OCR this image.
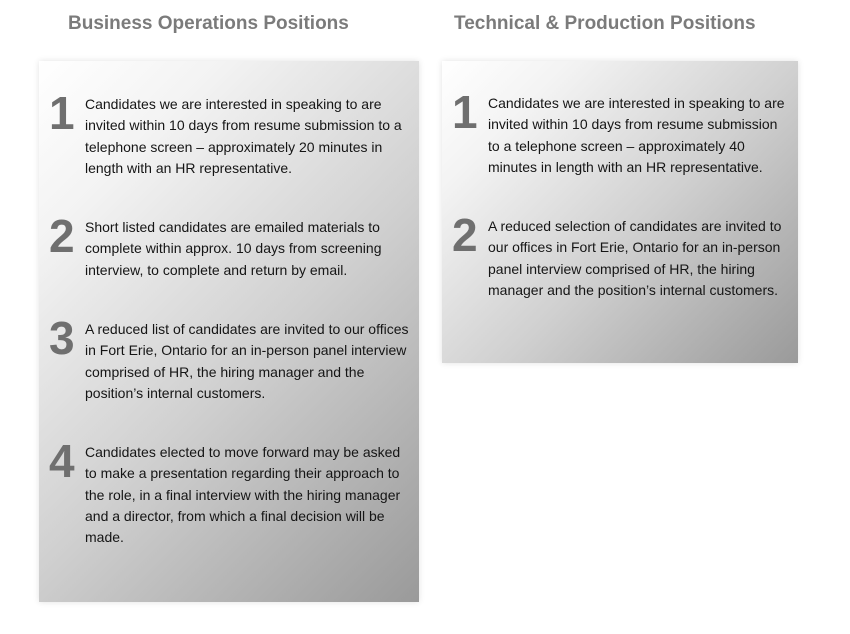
Business Operations Positions	Technical & Production Positions
1 Candidates we are interested in speaking to are invited within 10 days from resume submission to a telephone screen – approximately 20 minutes in length with an HR representative.

2 Short listed candidates are emailed materials to complete within approx. 10 days from screening interview, to complete and return by email.

3 A reduced list of candidates are invited to our offices in Fort Erie, Ontario for an in-person panel interview comprised of HR, the hiring manager and the position’s internal customers.

4 Candidates elected to move forward may be asked to make a presentation regarding their approach to the role, in a final interview with the hiring manager and a director, from which a final decision will be made.

1 Candidates we are interested in speaking to are invited within 10 days from resume submission to a telephone screen – approximately 40 minutes in length with an HR representative.

2 A reduced selection of candidates are invited to our offices in Fort Erie, Ontario for an in-person panel interview comprised of HR, the hiring manager and the position’s internal customers.
